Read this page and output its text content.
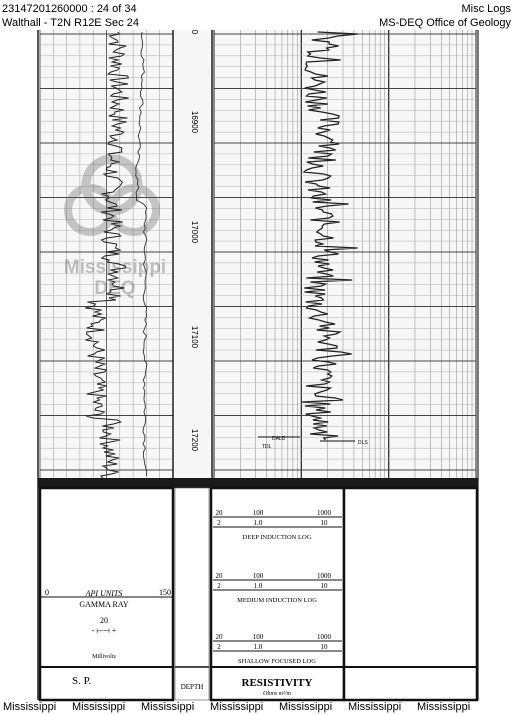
23147201260000 : 24 of 34
Walthall - T2N R12E Sec 24
Misc Logs
MS-DEQ Office of Geology
0
16900
17000
17100
17200
Mississippi
DEQ
DALD
TDL
DLS
0	150
API UNITS
GAMMA RAY
20
- ⟝⟞ +
Millivolts
S. P.	DEPTH
20	100	1000
2	1.0	10
DEEP INDUCTION LOG
20	100	1000
2	1.0	10
MEDIUM INDUCTION LOG
20	100	1000
2	1.0	10
SHALLOW FOCUSED LOG
RESISTIVITY
Ohms m²/m
Mississippi Mississippi Mississippi Mississippi Mississippi Mississippi Mississippi
